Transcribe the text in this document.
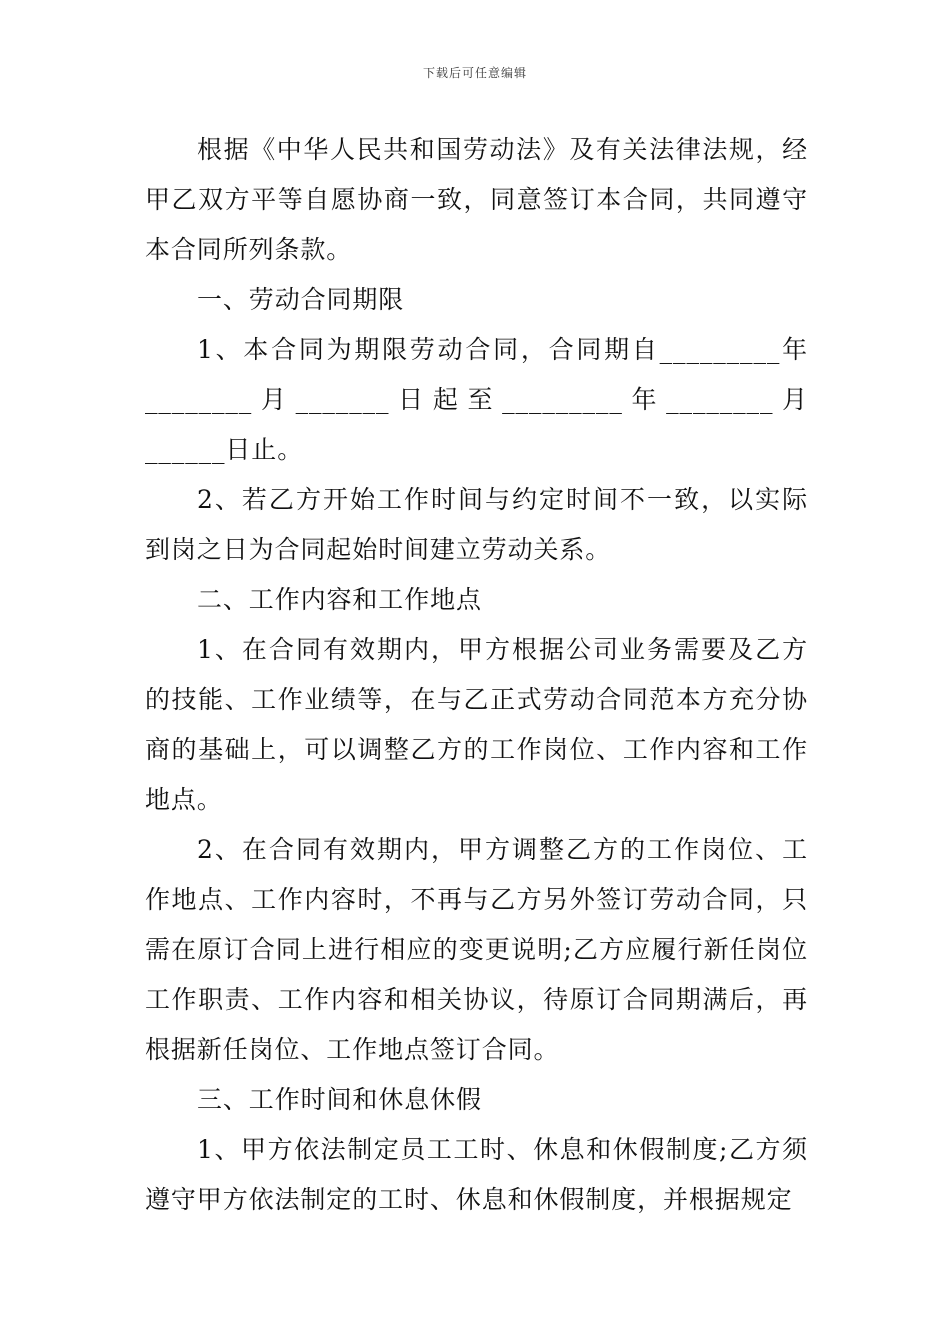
下载后可任意编辑

根据《中华人民共和国劳动法》及有关法律法规，经甲乙双方平等自愿协商一致，同意签订本合同，共同遵守本合同所列条款。

一、劳动合同期限

1、本合同为期限劳动合同，合同期自_________年________月_______日起至_________年________月______日止。

2、若乙方开始工作时间与约定时间不一致，以实际到岗之日为合同起始时间建立劳动关系。

二、工作内容和工作地点

1、在合同有效期内，甲方根据公司业务需要及乙方的技能、工作业绩等，在与乙正式劳动合同范本方充分协商的基础上，可以调整乙方的工作岗位、工作内容和工作地点。

2、在合同有效期内，甲方调整乙方的工作岗位、工作地点、工作内容时，不再与乙方另外签订劳动合同，只需在原订合同上进行相应的变更说明;乙方应履行新任岗位工作职责、工作内容和相关协议，待原订合同期满后，再根据新任岗位、工作地点签订合同。

三、工作时间和休息休假

1、甲方依法制定员工工时、休息和休假制度;乙方须遵守甲方依法制定的工时、休息和休假制度，并根据规定
